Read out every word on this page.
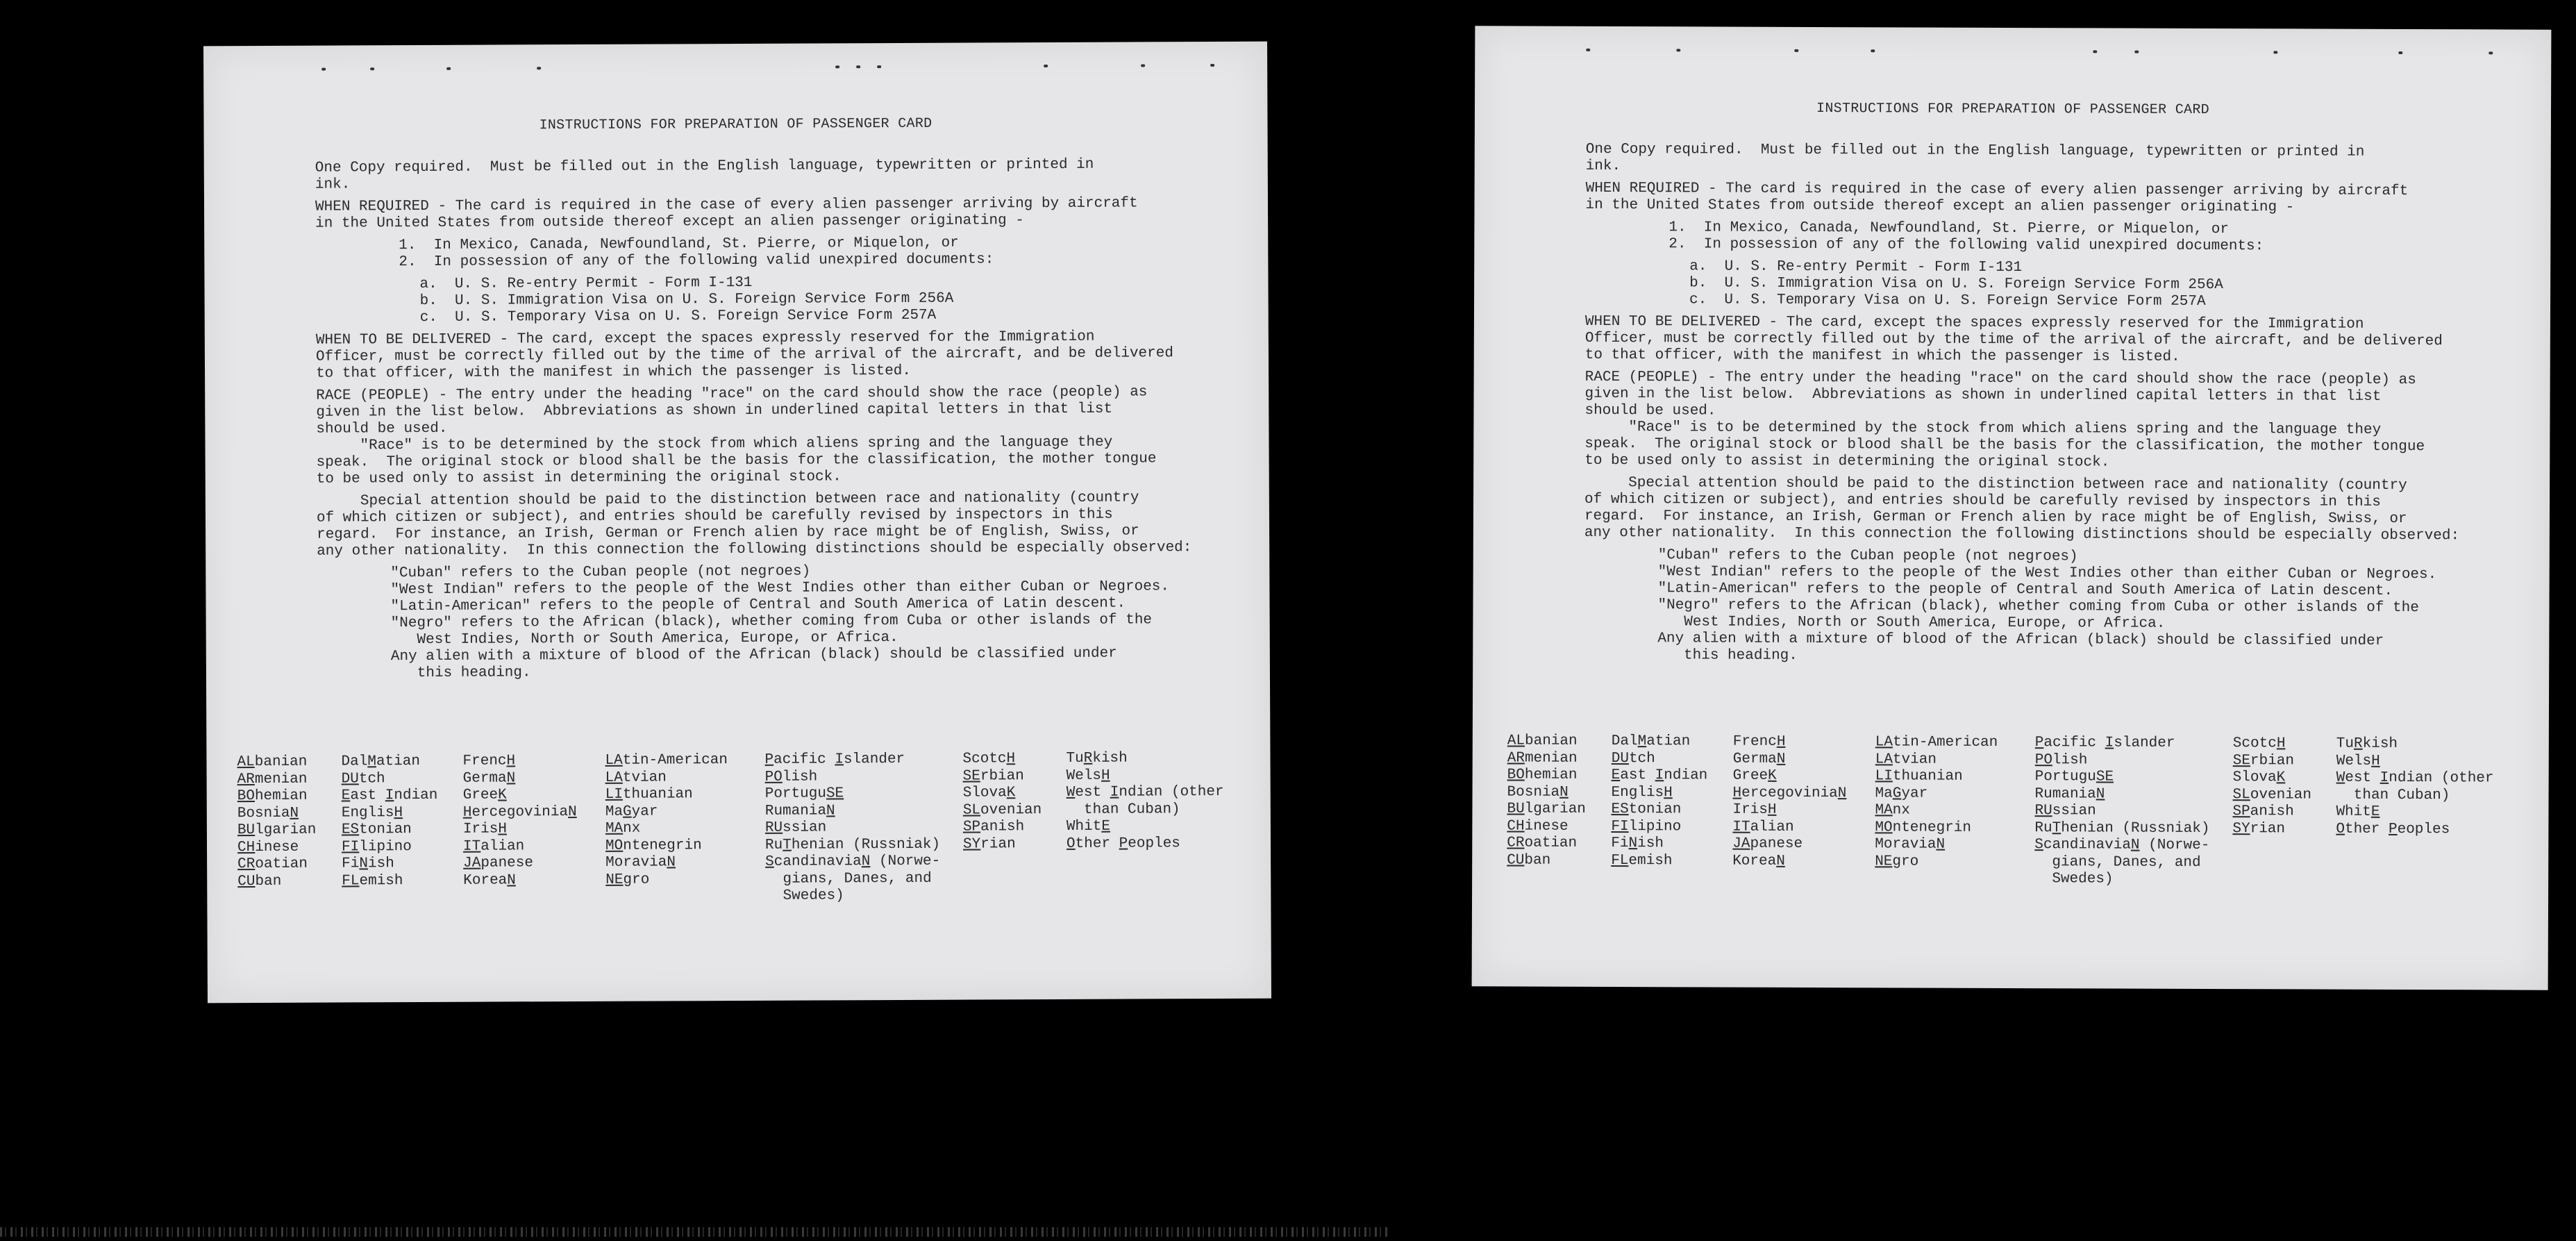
INSTRUCTIONS FOR PREPARATION OF PASSENGER CARD
One Copy required.  Must be filled out in the English language, typewritten or printed in
ink.
WHEN REQUIRED - The card is required in the case of every alien passenger arriving by aircraft
in the United States from outside thereof except an alien passenger originating -
1.  In Mexico, Canada, Newfoundland, St. Pierre, or Miquelon, or
2.  In possession of any of the following valid unexpired documents:
a.  U. S. Re-entry Permit - Form I-131
b.  U. S. Immigration Visa on U. S. Foreign Service Form 256A
c.  U. S. Temporary Visa on U. S. Foreign Service Form 257A
WHEN TO BE DELIVERED - The card, except the spaces expressly reserved for the Immigration
Officer, must be correctly filled out by the time of the arrival of the aircraft, and be delivered
to that officer, with the manifest in which the passenger is listed.
RACE (PEOPLE) - The entry under the heading "race" on the card should show the race (people) as
given in the list below.  Abbreviations as shown in underlined capital letters in that list
should be used.
"Race" is to be determined by the stock from which aliens spring and the language they
speak.  The original stock or blood shall be the basis for the classification, the mother tongue
to be used only to assist in determining the original stock.
Special attention should be paid to the distinction between race and nationality (country
of which citizen or subject), and entries should be carefully revised by inspectors in this
regard.  For instance, an Irish, German or French alien by race might be of English, Swiss, or
any other nationality.  In this connection the following distinctions should be especially observed:
"Cuban" refers to the Cuban people (not negroes)
"West Indian" refers to the people of the West Indies other than either Cuban or Negroes.
"Latin-American" refers to the people of Central and South America of Latin descent.
"Negro" refers to the African (black), whether coming from Cuba or other islands of the
West Indies, North or South America, Europe, or Africa.
Any alien with a mixture of blood of the African (black) should be classified under
this heading.
ALbanian
ARmenian
BOhemian
BosniaN
BUlgarian
CHinese
CRoatian
CUban
DalMatian
DUtch
East Indian
EnglisH
EStonian
FIlipino
FiNish
FLemish
FrencH
GermaN
GreeK
HercegoviniaN
IrisH
ITalian
JApanese
KoreaN
LAtin-American
LAtvian
LIthuanian
MaGyar
MAnx
MOntenegrin
MoraviaN
NEgro
Pacific Islander
POlish
PortuguSE
RumaniaN
RUssian
RuThenian (Russniak)
ScandinaviaN (Norwe-
gians, Danes, and
Swedes)
ScotcH
SErbian
SlovaK
SLovenian
SPanish
SYrian
TuRkish
WelsH
West Indian (other
than Cuban)
WhitE
Other Peoples
INSTRUCTIONS FOR PREPARATION OF PASSENGER CARD
One Copy required.  Must be filled out in the English language, typewritten or printed in
ink.
WHEN REQUIRED - The card is required in the case of every alien passenger arriving by aircraft
in the United States from outside thereof except an alien passenger originating -
1.  In Mexico, Canada, Newfoundland, St. Pierre, or Miquelon, or
2.  In possession of any of the following valid unexpired documents:
a.  U. S. Re-entry Permit - Form I-131
b.  U. S. Immigration Visa on U. S. Foreign Service Form 256A
c.  U. S. Temporary Visa on U. S. Foreign Service Form 257A
WHEN TO BE DELIVERED - The card, except the spaces expressly reserved for the Immigration
Officer, must be correctly filled out by the time of the arrival of the aircraft, and be delivered
to that officer, with the manifest in which the passenger is listed.
RACE (PEOPLE) - The entry under the heading "race" on the card should show the race (people) as
given in the list below.  Abbreviations as shown in underlined capital letters in that list
should be used.
"Race" is to be determined by the stock from which aliens spring and the language they
speak.  The original stock or blood shall be the basis for the classification, the mother tongue
to be used only to assist in determining the original stock.
Special attention should be paid to the distinction between race and nationality (country
of which citizen or subject), and entries should be carefully revised by inspectors in this
regard.  For instance, an Irish, German or French alien by race might be of English, Swiss, or
any other nationality.  In this connection the following distinctions should be especially observed:
"Cuban" refers to the Cuban people (not negroes)
"West Indian" refers to the people of the West Indies other than either Cuban or Negroes.
"Latin-American" refers to the people of Central and South America of Latin descent.
"Negro" refers to the African (black), whether coming from Cuba or other islands of the
West Indies, North or South America, Europe, or Africa.
Any alien with a mixture of blood of the African (black) should be classified under
this heading.
ALbanian
ARmenian
BOhemian
BosniaN
BUlgarian
CHinese
CRoatian
CUban
DalMatian
DUtch
East Indian
EnglisH
EStonian
FIlipino
FiNish
FLemish
FrencH
GermaN
GreeK
HercegoviniaN
IrisH
ITalian
JApanese
KoreaN
LAtin-American
LAtvian
LIthuanian
MaGyar
MAnx
MOntenegrin
MoraviaN
NEgro
Pacific Islander
POlish
PortuguSE
RumaniaN
RUssian
RuThenian (Russniak)
ScandinaviaN (Norwe-
gians, Danes, and
Swedes)
ScotcH
SErbian
SlovaK
SLovenian
SPanish
SYrian
TuRkish
WelsH
West Indian (other
than Cuban)
WhitE
Other Peoples
